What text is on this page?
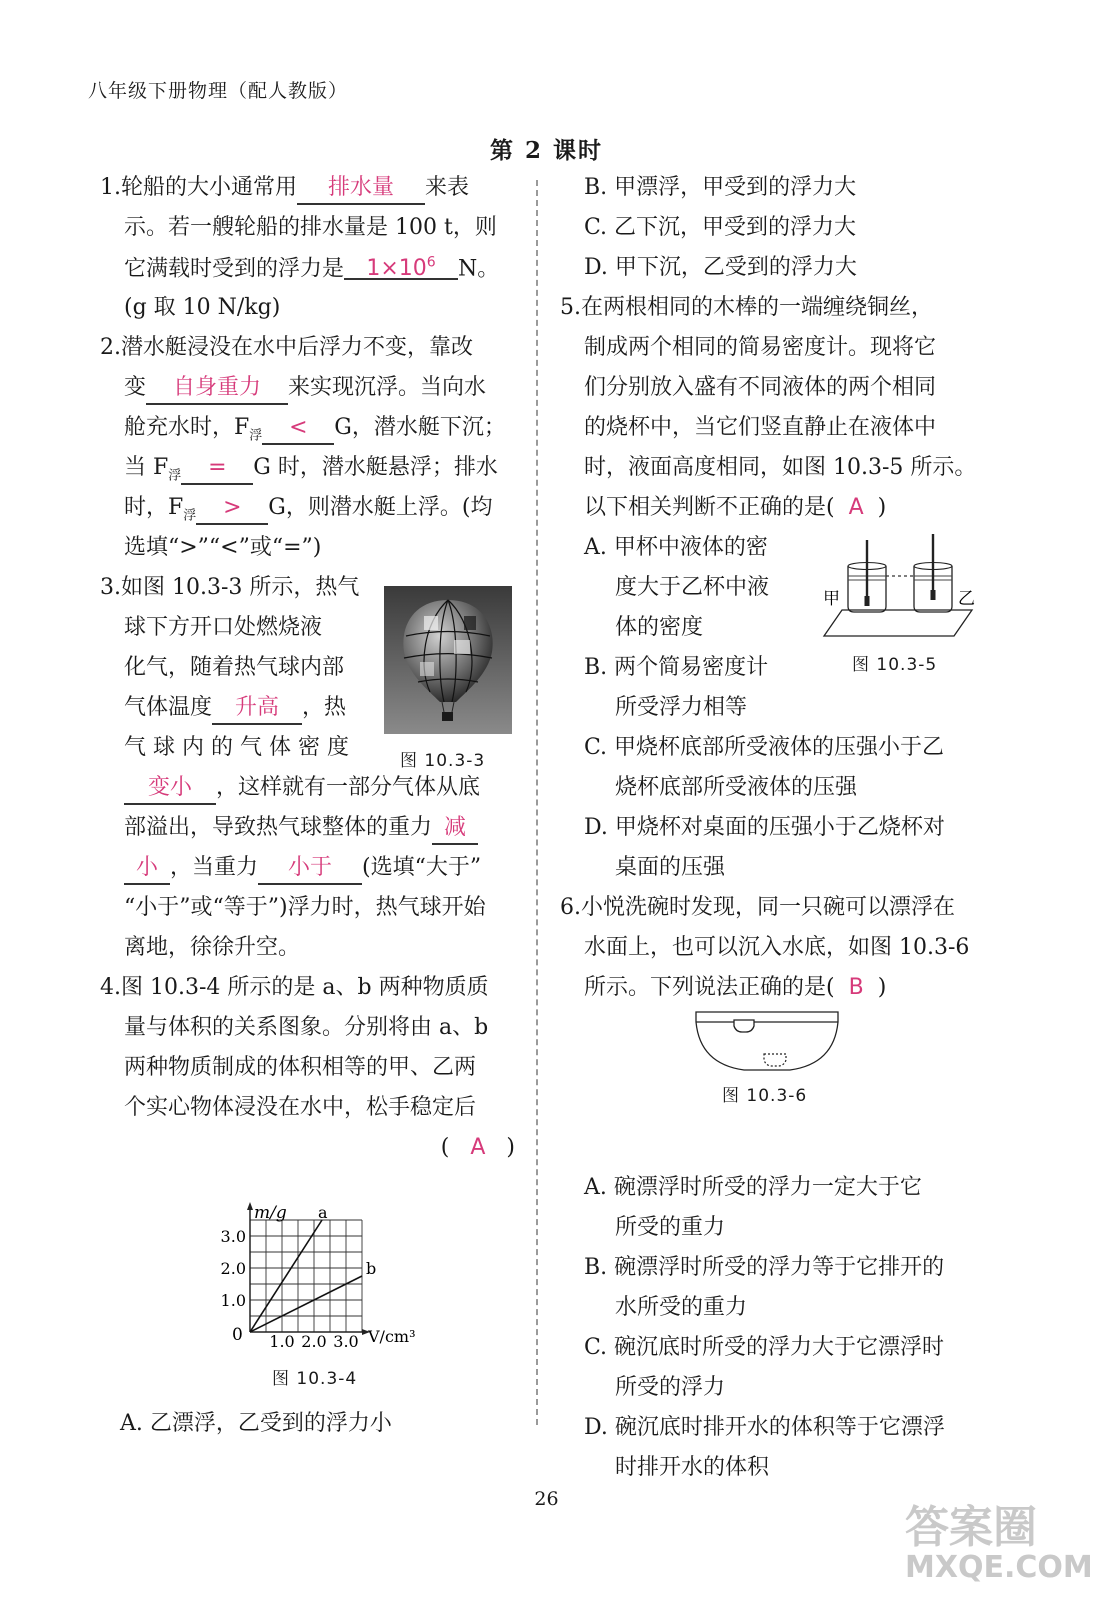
八年级下册物理（配人教版）
第 2 课时
1.轮船的大小通常用 排水量 来表
示。若一艘轮船的排水量是 100 t，则
它满载时受到的浮力是 $1\times 10^6$ N。
(g 取 10 N/kg)
2.潜水艇浸没在水中后浮力不变，靠改
变 自身重力 来实现沉浮。当向水
舱充水时，$F_浮 < G$，潜水艇下沉；
当 $F_浮 = G$ 时，潜水艇悬浮；排水
时，$F_浮 > G$，则潜水艇上浮。(均
选填“>”“<”或“=”)
3.如图 10.3-3 所示，热气
球下方开口处燃烧液
化气，随着热气球内部
气体温度 升高 ，热
气 球 内 的 气 体 密 度
变小 ，这样就有一部分气体从底
部溢出，导致热气球整体的重力 减
小 ，当重力 小于 (选填“大于”
“小于”或“等于”)浮力时，热气球开始
离地，徐徐升空。
4.图 10.3-4 所示的是 a、b 两种物质质
量与体积的关系图象。分别将由 a、b
两种物质制成的体积相等的甲、乙两
个实心物体浸没在水中，松手稳定后
( A )
图 10.3-3
a
b
1.0 2.0 3.0
1.0
2.0
3.0
m/g
V/cm³
0
图 10.3-4
A. 乙漂浮，乙受到的浮力小
B. 甲漂浮，甲受到的浮力大
C. 乙下沉，甲受到的浮力大
D. 甲下沉，乙受到的浮力大
5.在两根相同的木棒的一端缠绕铜丝，
制成两个相同的简易密度计。现将它
们分别放入盛有不同液体的两个相同
的烧杯中，当它们竖直静止在液体中
时，液面高度相同，如图 10.3-5 所示。
以下相关判断不正确的是( A )
A. 甲杯中液体的密
度大于乙杯中液
体的密度
B. 两个简易密度计
所受浮力相等
C. 甲烧杯底部所受液体的压强小于乙
烧杯底部所受液体的压强
D. 甲烧杯对桌面的压强小于乙烧杯对
桌面的压强
6.小悦洗碗时发现，同一只碗可以漂浮在
水面上，也可以沉入水底，如图 10.3-6
所示。下列说法正确的是( B )
A. 碗漂浮时所受的浮力一定大于它
所受的重力
B. 碗漂浮时所受的浮力等于它排开的
水所受的重力
C. 碗沉底时所受的浮力大于它漂浮时
所受的浮力
D. 碗沉底时排开水的体积等于它漂浮
时排开水的体积
甲	乙
图 10.3-5
图 10.3-6
26
答案圈
MXQE.COM
